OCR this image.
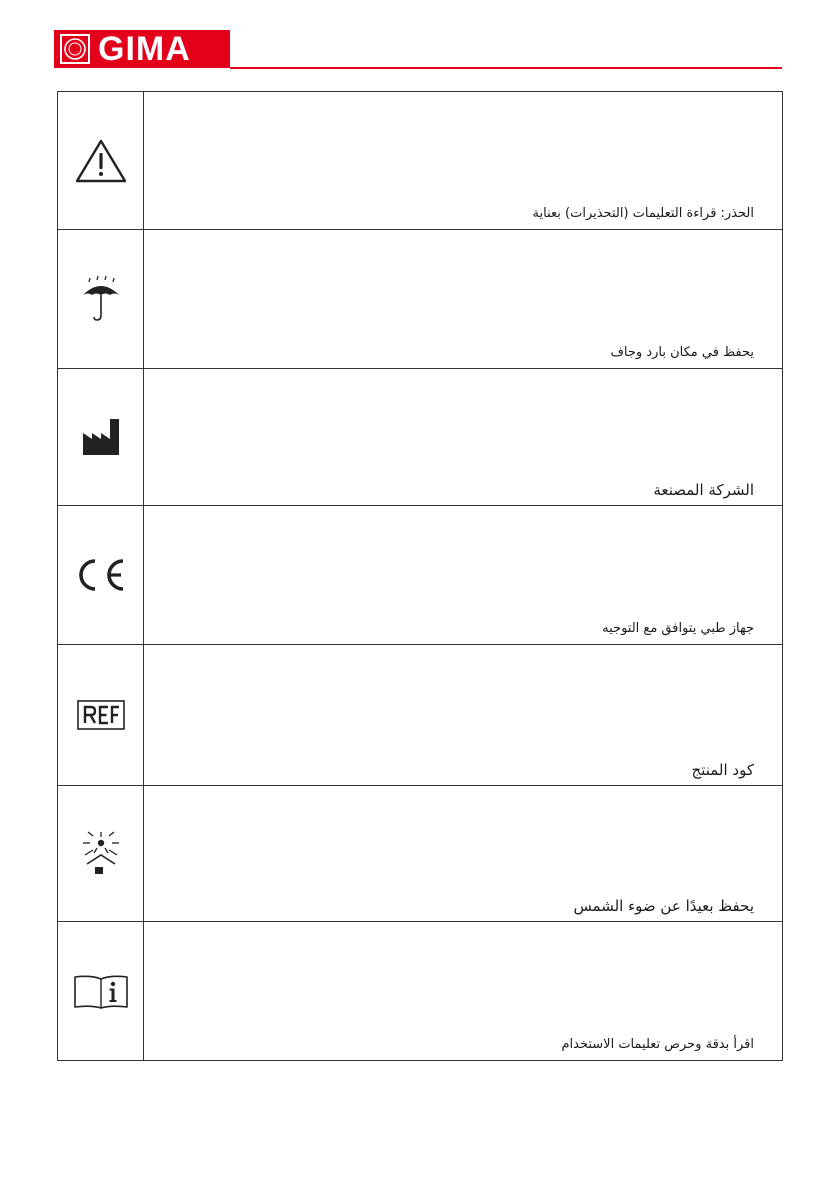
GIMA

الحذر: قراءة التعليمات (التحذيرات) بعناية

يحفظ في مكان بارد وجاف

الشركة المصنعة

جهاز طبي يتوافق مع التوجيه

كود المنتج

يحفظ بعيدًا عن ضوء الشمس

اقرأ بدقة وحرص تعليمات الاستخدام
